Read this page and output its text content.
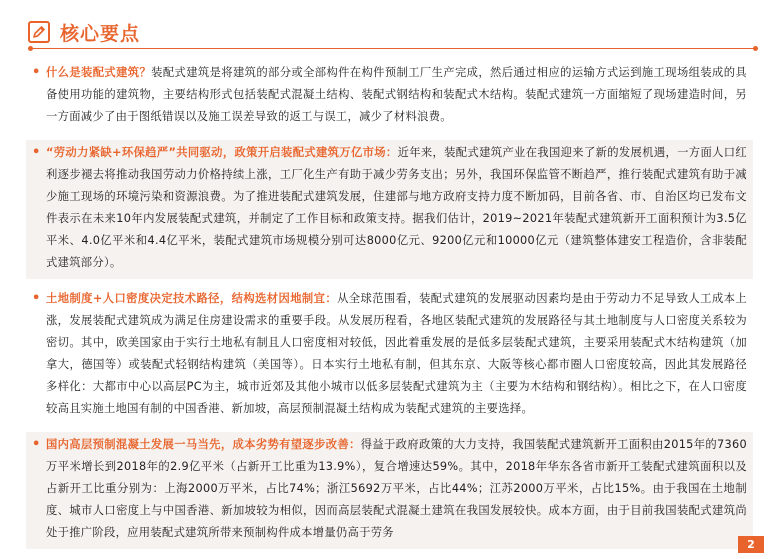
核心要点
• 什么是装配式建筑？装配式建筑是将建筑的部分或全部构件在构件预制工厂生产完成，然后通过相应的运输方式运到施工现场组装成的具备使用功能的建筑物，主要结构形式包括装配式混凝土结构、装配式钢结构和装配式木结构。装配式建筑一方面缩短了现场建造时间，另一方面减少了由于图纸错误以及施工误差导致的返工与误工，减少了材料浪费。
• “劳动力紧缺+环保趋严”共同驱动，政策开启装配式建筑万亿市场：近年来，装配式建筑产业在我国迎来了新的发展机遇，一方面人口红利逐步褪去将推动我国劳动力价格持续上涨，工厂化生产有助于减少劳务支出；另外，我国环保监管不断趋严，推行装配式建筑有助于减少施工现场的环境污染和资源浪费。为了推进装配式建筑发展，住建部与地方政府支持力度不断加码，目前各省、市、自治区均已发布文件表示在未来10年内发展装配式建筑，并制定了工作目标和政策支持。据我们估计，2019~2021年装配式建筑新开工面积预计为3.5亿平米、4.0亿平米和4.4亿平米，装配式建筑市场规模分别可达8000亿元、9200亿元和10000亿元（建筑整体建安工程造价，含非装配式建筑部分）。
• 土地制度+人口密度决定技术路径，结构选材因地制宜：从全球范围看，装配式建筑的发展驱动因素均是由于劳动力不足导致人工成本上涨，发展装配式建筑成为满足住房建设需求的重要手段。从发展历程看，各地区装配式建筑的发展路径与其土地制度与人口密度关系较为密切。其中，欧美国家由于实行土地私有制且人口密度相对较低，因此着重发展的是低多层装配式建筑，主要采用装配式木结构建筑（加拿大，德国等）或装配式轻钢结构建筑（美国等）。日本实行土地私有制，但其东京、大阪等核心都市圈人口密度较高，因此其发展路径多样化：大都市中心以高层PC为主，城市近郊及其他小城市以低多层装配式建筑为主（主要为木结构和钢结构）。相比之下，在人口密度较高且实施土地国有制的中国香港、新加坡，高层预制混凝土结构成为装配式建筑的主要选择。
• 国内高层预制混凝土发展一马当先，成本劣势有望逐步改善：得益于政府政策的大力支持，我国装配式建筑新开工面积由2015年的7360万平米增长到2018年的2.9亿平米（占新开工比重为13.9%），复合增速达59%。其中，2018年华东各省市新开工装配式建筑面积以及占新开工比重分别为：上海2000万平米，占比74%；浙江5692万平米，占比44%；江苏2000万平米，占比15%。由于我国在土地制度、城市人口密度上与中国香港、新加坡较为相似，因而高层装配式混凝土建筑在我国发展较快。成本方面，由于目前我国装配式建筑尚处于推广阶段，应用装配式建筑所带来预制构件成本增量仍高于劳务
2
